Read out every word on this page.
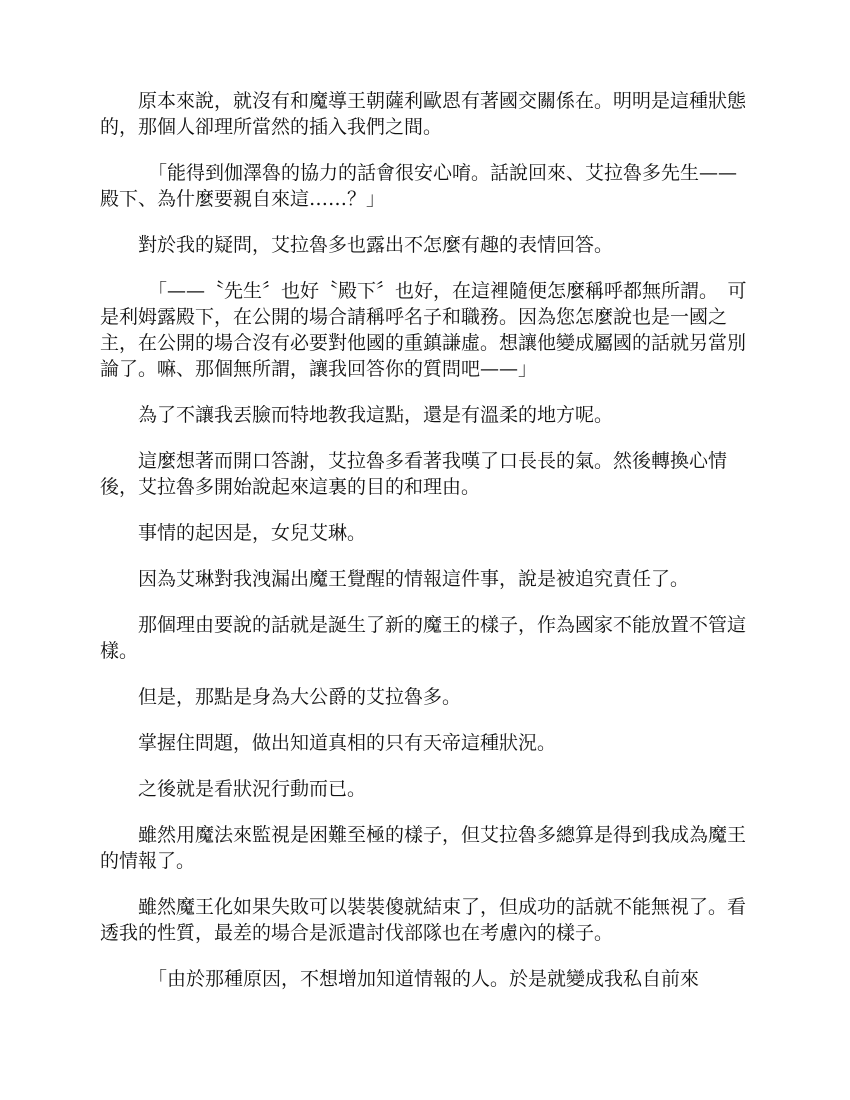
原本來說，就沒有和魔導王朝薩利歐恩有著國交關係在。明明是這種狀態的，那個人卻理所當然的插入我們之間。

「能得到伽澤魯的協力的話會很安心唷。話說回來、艾拉魯多先生——殿下、為什麼要親自來這……？」

對於我的疑問，艾拉魯多也露出不怎麼有趣的表情回答。

「——〝先生〞也好〝殿下〞也好，在這裡隨便怎麼稱呼都無所謂。　可是利姆露殿下，在公開的場合請稱呼名子和職務。因為您怎麼說也是一國之主，在公開的場合沒有必要對他國的重鎮謙虛。想讓他變成屬國的話就另當別論了。嘛、那個無所謂，讓我回答你的質問吧——」

為了不讓我丟臉而特地教我這點，還是有溫柔的地方呢。

這麼想著而開口答謝，艾拉魯多看著我嘆了口長長的氣。然後轉換心情後，艾拉魯多開始說起來這裏的目的和理由。

事情的起因是，女兒艾琳。

因為艾琳對我洩漏出魔王覺醒的情報這件事，說是被追究責任了。

那個理由要說的話就是誕生了新的魔王的樣子，作為國家不能放置不管這樣。

但是，那點是身為大公爵的艾拉魯多。

掌握住問題，做出知道真相的只有天帝這種狀況。

之後就是看狀況行動而已。

雖然用魔法來監視是困難至極的樣子，但艾拉魯多總算是得到我成為魔王的情報了。

雖然魔王化如果失敗可以裝裝傻就結束了，但成功的話就不能無視了。看透我的性質，最差的場合是派遣討伐部隊也在考慮內的樣子。

「由於那種原因，不想增加知道情報的人。於是就變成我私自前來
